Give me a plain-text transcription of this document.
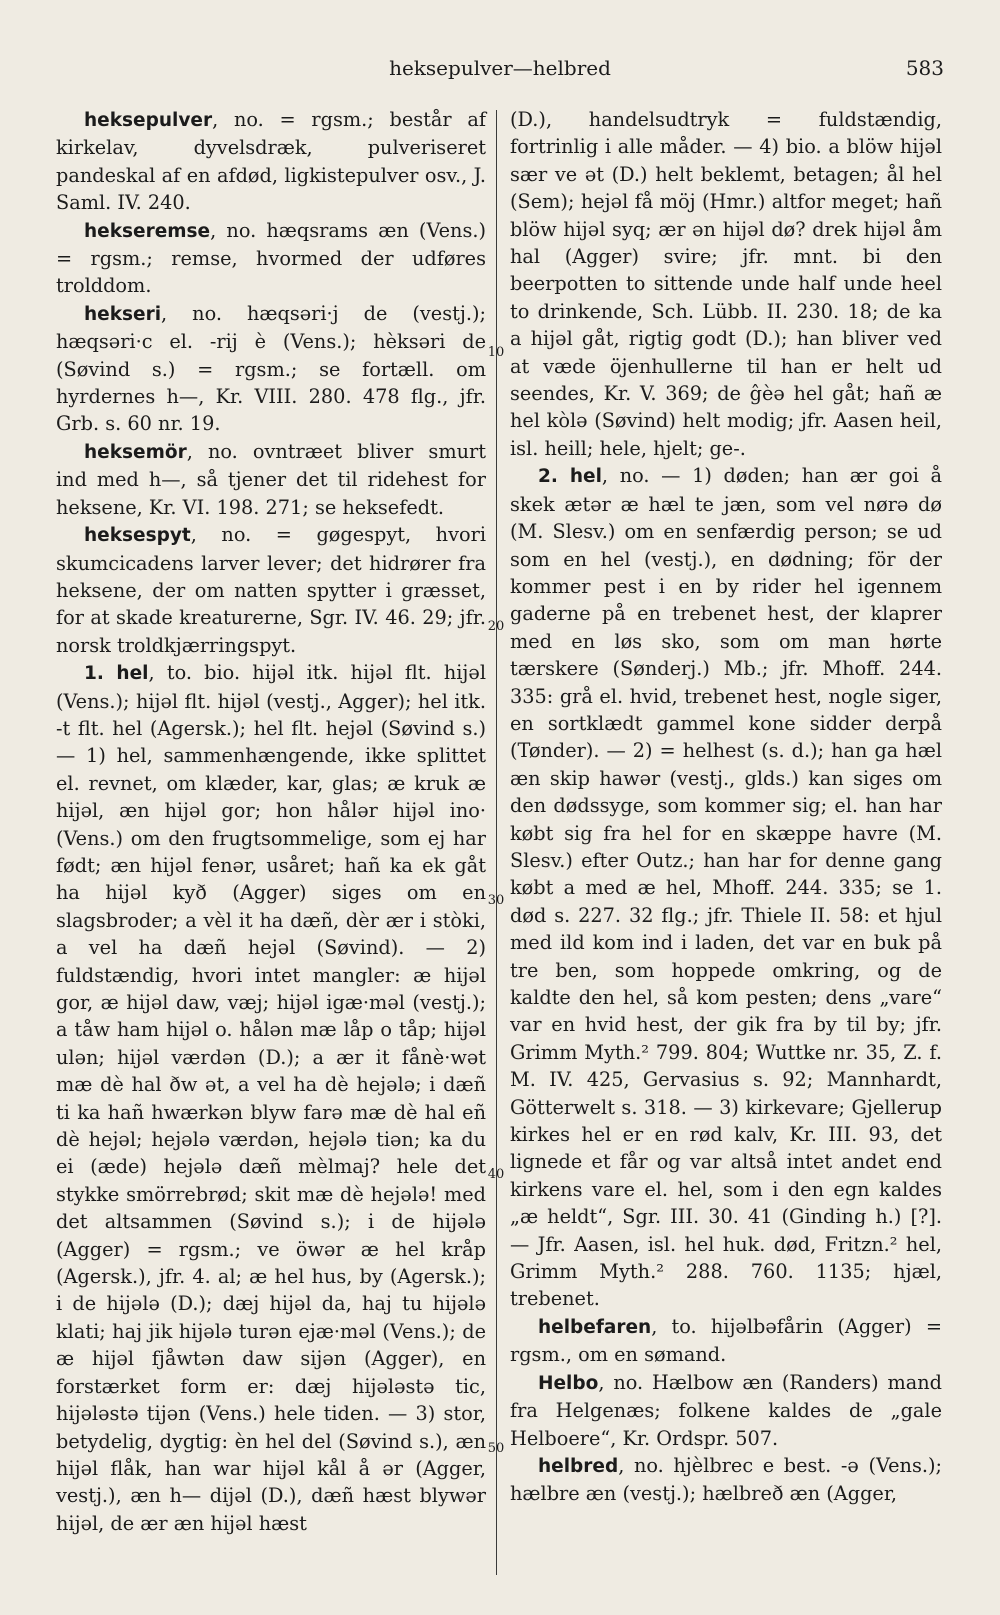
heksepulver—helbred	583
10
20
30
40
50

heksepulver, no. = rgsm.; består af kirkelav, dyvelsdræk, pulveriseret pandeskal af en afdød, ligkistepulver osv., J. Saml. IV. 240.

hekseremse, no. hæqsrams æn (Vens.) = rgsm.; remse, hvormed der udføres trolddom.

hekseri, no. hæqsəri·j de (vestj.); hæqsəri·c el. -rij è (Vens.); hèksəri de (Søvind s.) = rgsm.; se fortæll. om hyrdernes h—, Kr. VIII. 280. 478 flg., jfr. Grb. s. 60 nr. 19.

heksemör, no. ovntræet bliver smurt ind med h—, så tjener det til ridehest for heksene, Kr. VI. 198. 271; se heksefedt.

heksespyt, no. = gøgespyt, hvori skumcicadens larver lever; det hidrører fra heksene, der om natten spytter i græsset, for at skade kreaturerne, Sgr. IV. 46. 29; jfr. norsk troldkjærringspyt.

1. hel, to. bio. hijəl itk. hijəl flt. hijəl (Vens.); hijəl flt. hijəl (vestj., Agger); hel itk. -t flt. hel (Agersk.); hel flt. hejəl (Søvind s.) — 1) hel, sammenhængende, ikke splittet el. revnet, om klæder, kar, glas; æ kruk æ hijəl, æn hijəl gor; hon hålər hijəl ino· (Vens.) om den frugtsommelige, som ej har født; æn hijəl fenər, usåret; hañ ka ek gåt ha hijəl kyð (Agger) siges om en slagsbroder; a vèl it ha dæñ, dèr ær i stòki, a vel ha dæñ hejəl (Søvind). — 2) fuldstændig, hvori intet mangler: æ hijəl gor, æ hijəl daw, væj; hijəl igæ·məl (vestj.); a tåw ham hijəl o. hålən mæ låp o tåp; hijəl ulən; hijəl værdən (D.); a ær it fånè·wət mæ dè hal ðw ət, a vel ha dè hejələ; i dæñ ti ka hañ hwærkən blyw farə mæ dè hal eñ dè hejəl; hejələ værdən, hejələ tiən; ka du ei (æde) hejələ dæñ mèlmaj? hele det stykke smörrebrød; skit mæ dè hejələ! med det altsammen (Søvind s.); i de hijələ (Agger) = rgsm.; ve öwər æ hel kråp (Agersk.), jfr. 4. al; æ hel hus, by (Agersk.); i de hijələ (D.); dæj hijəl da, haj tu hijələ klati; haj jik hijələ turən ejæ·məl (Vens.); de æ hijəl fjåwtən daw sijən (Agger), en forstærket form er: dæj hijələstə tic, hijələstə tijən (Vens.) hele tiden. — 3) stor, betydelig, dygtig: èn hel del (Søvind s.), æn hijəl flåk, han war hijəl kål å ər (Agger, vestj.), æn h— dijəl (D.), dæñ hæst blywər hijəl, de ær æn hijəl hæst

(D.), handelsudtryk = fuldstændig, fortrinlig i alle måder. — 4) bio. a blöw hijəl sær ve ət (D.) helt beklemt, betagen; ål hel (Sem); hejəl få möj (Hmr.) altfor meget; hañ blöw hijəl syq; ær ən hijəl dø? drek hijəl åm hal (Agger) svire; jfr. mnt. bi den beerpotten to sittende unde half unde heel to drinkende, Sch. Lübb. II. 230. 18; de ka a hijəl gåt, rigtig godt (D.); han bliver ved at væde öjenhullerne til han er helt ud seendes, Kr. V. 369; de ĝèə hel gåt; hañ æ hel kòlə (Søvind) helt modig; jfr. Aasen heil, isl. heill; hele, hjelt; ge-.

2. hel, no. — 1) døden; han ær goi å skek ætər æ hæl te jæn, som vel nørə dø (M. Slesv.) om en senfærdig person; se ud som en hel (vestj.), en dødning; för der kommer pest i en by rider hel igennem gaderne på en trebenet hest, der klaprer med en løs sko, som om man hørte tærskere (Sønderj.) Mb.; jfr. Mhoff. 244. 335: grå el. hvid, trebenet hest, nogle siger, en sortklædt gammel kone sidder derpå (Tønder). — 2) = helhest (s. d.); han ga hæl æn skip hawər (vestj., glds.) kan siges om den dødssyge, som kommer sig; el. han har købt sig fra hel for en skæppe havre (M. Slesv.) efter Outz.; han har for denne gang købt a med æ hel, Mhoff. 244. 335; se 1. død s. 227. 32 flg.; jfr. Thiele II. 58: et hjul med ild kom ind i laden, det var en buk på tre ben, som hoppede omkring, og de kaldte den hel, så kom pesten; dens „vare“ var en hvid hest, der gik fra by til by; jfr. Grimm Myth.² 799. 804; Wuttke nr. 35, Z. f. M. IV. 425, Gervasius s. 92; Mannhardt, Götterwelt s. 318. — 3) kirkevare; Gjellerup kirkes hel er en rød kalv, Kr. III. 93, det lignede et får og var altså intet andet end kirkens vare el. hel, som i den egn kaldes „æ heldt“, Sgr. III. 30. 41 (Ginding h.) [?]. — Jfr. Aasen, isl. hel huk. død, Fritzn.² hel, Grimm Myth.² 288. 760. 1135; hjæl, trebenet.

helbefaren, to. hijəlbəfårin (Agger) = rgsm., om en sømand.

Helbo, no. Hælbow æn (Randers) mand fra Helgenæs; folkene kaldes de „gale Helboere“, Kr. Ordspr. 507.

helbred, no. hjèlbrec e best. -ə (Vens.); hælbre æn (vestj.); hælbreð æn (Agger,
